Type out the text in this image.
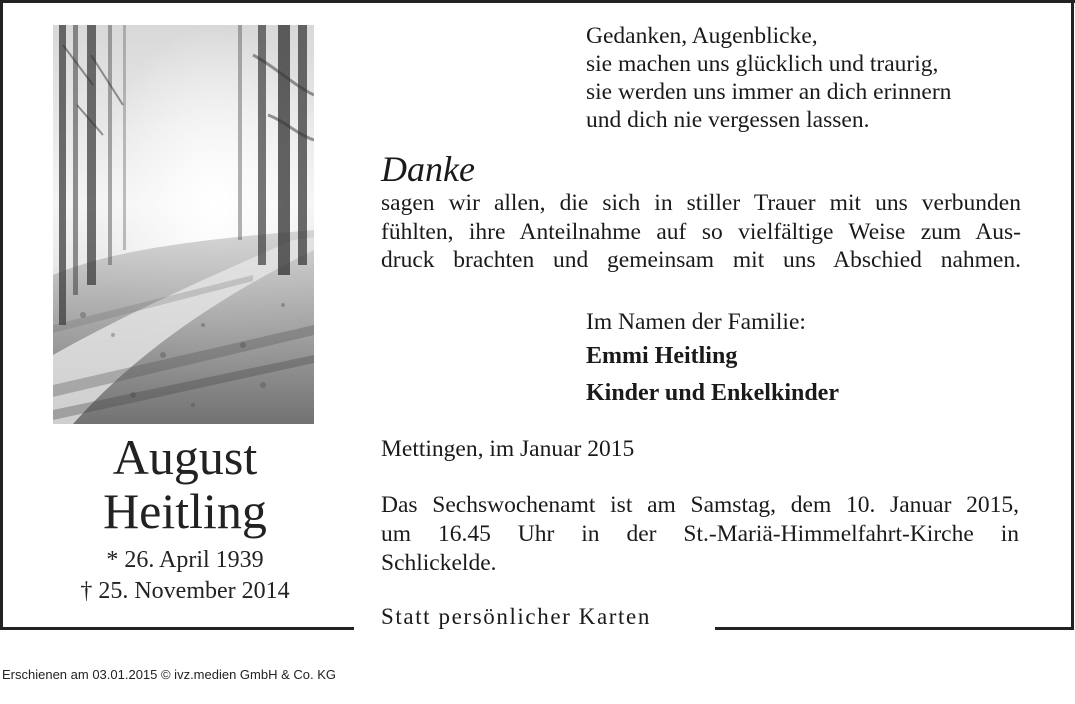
August
Heitling
* 26. April 1939
† 25. November 2014
Gedanken, Augenblicke,
sie machen uns glücklich und traurig,
sie werden uns immer an dich erinnern
und dich nie vergessen lassen.
Danke
sagen wir allen, die sich in stiller Trauer mit uns verbunden
fühlten, ihre Anteilnahme auf so vielfältige Weise zum Aus-
druck brachten und gemeinsam mit uns Abschied nahmen.
Im Namen der Familie:
Emmi Heitling
Kinder und Enkelkinder
Mettingen, im Januar 2015
Das Sechswochenamt ist am Samstag, dem 10. Januar 2015,
um 16.45 Uhr in der St.-Mariä-Himmelfahrt-Kirche in
Schlickelde.
Statt persönlicher Karten
Erschienen am 03.01.2015 © ivz.medien GmbH & Co. KG
